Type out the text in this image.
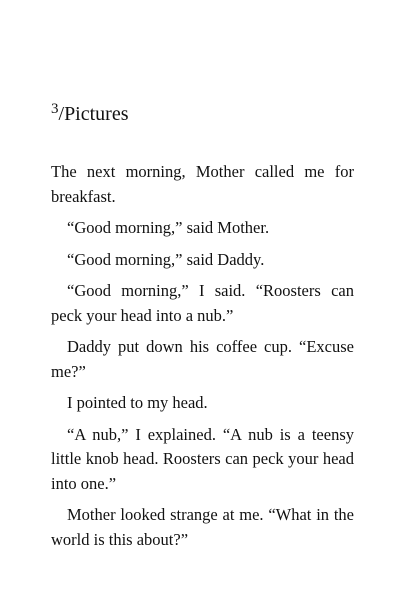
$^3$/Pictures

The next morning, Mother called me for breakfast.

“Good morning,” said Mother.

“Good morning,” said Daddy.

“Good morning,” I said. “Roosters can peck your head into a nub.”

Daddy put down his coffee cup. “Excuse me?”

I pointed to my head.

“A nub,” I explained. “A nub is a teensy little knob head. Roosters can peck your head into one.”

Mother looked strange at me. “What in the world is this about?”
